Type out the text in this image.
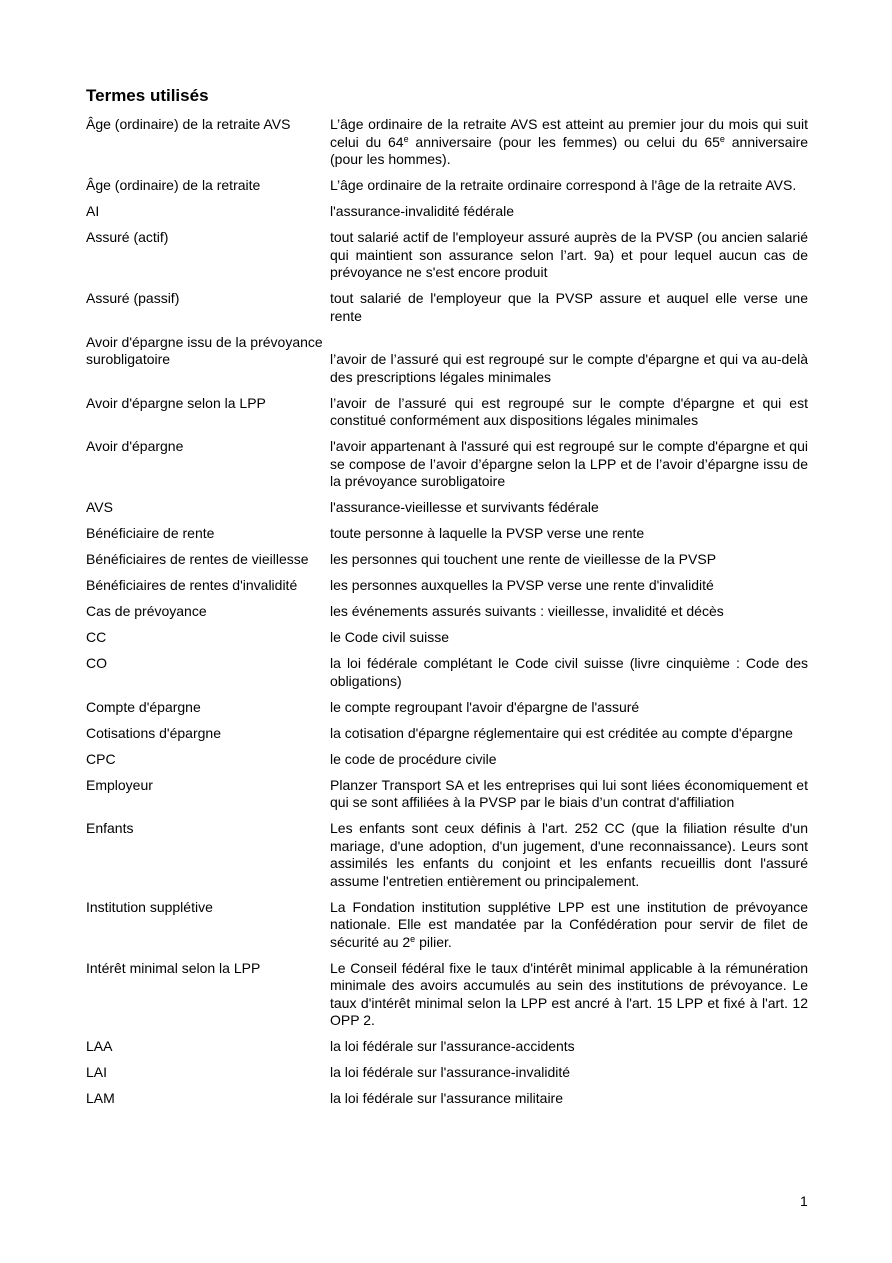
Termes utilisés
Âge (ordinaire) de la retraite AVS	L’âge ordinaire de la retraite AVS est atteint au premier jour du mois qui suit celui du 64e anniversaire (pour les femmes) ou celui du 65e anniversaire (pour les hommes).
Âge (ordinaire) de la retraite	L’âge ordinaire de la retraite ordinaire correspond à l'âge de la retraite AVS.
AI	l'assurance-invalidité fédérale
Assuré (actif)	tout salarié actif de l'employeur assuré auprès de la PVSP (ou ancien salarié qui maintient son assurance selon l’art. 9a) et pour lequel aucun cas de prévoyance ne s'est encore produit
Assuré (passif)	tout salarié de l'employeur que la PVSP assure et auquel elle verse une rente
Avoir d'épargne issu de la prévoyance surobligatoire	l’avoir de l’assuré qui est regroupé sur le compte d'épargne et qui va au-delà des prescriptions légales minimales
Avoir d'épargne selon la LPP	l’avoir de l’assuré qui est regroupé sur le compte d'épargne et qui est constitué conformément aux dispositions légales minimales
Avoir d'épargne	l'avoir appartenant à l'assuré qui est regroupé sur le compte d'épargne et qui se compose de l’avoir d’épargne selon la LPP et de l’avoir d’épargne issu de la prévoyance surobligatoire
AVS	l'assurance-vieillesse et survivants fédérale
Bénéficiaire de rente	toute personne à laquelle la PVSP verse une rente
Bénéficiaires de rentes de vieillesse	les personnes qui touchent une rente de vieillesse de la PVSP
Bénéficiaires de rentes d'invalidité	les personnes auxquelles la PVSP verse une rente d'invalidité
Cas de prévoyance	les événements assurés suivants : vieillesse, invalidité et décès
CC	le Code civil suisse
CO	la loi fédérale complétant le Code civil suisse (livre cinquième : Code des obligations)
Compte d'épargne	le compte regroupant l'avoir d'épargne de l'assuré
Cotisations d'épargne	la cotisation d'épargne réglementaire qui est créditée au compte d'épargne
CPC	le code de procédure civile
Employeur	Planzer Transport SA et les entreprises qui lui sont liées économiquement et qui se sont affiliées à la PVSP par le biais d’un contrat d'affiliation
Enfants	Les enfants sont ceux définis à l'art. 252 CC (que la filiation résulte d'un mariage, d'une adoption, d'un jugement, d'une reconnaissance). Leurs sont assimilés les enfants du conjoint et les enfants recueillis dont l'assuré assume l'entretien entièrement ou principalement.
Institution supplétive	La Fondation institution supplétive LPP est une institution de prévoyance nationale. Elle est mandatée par la Confédération pour servir de filet de sécurité au 2e pilier.
Intérêt minimal selon la LPP	Le Conseil fédéral fixe le taux d'intérêt minimal applicable à la rémunération minimale des avoirs accumulés au sein des institutions de prévoyance. Le taux d'intérêt minimal selon la LPP est ancré à l'art. 15 LPP et fixé à l'art. 12 OPP 2.
LAA	la loi fédérale sur l'assurance-accidents
LAI	la loi fédérale sur l'assurance-invalidité
LAM	la loi fédérale sur l'assurance militaire
1
